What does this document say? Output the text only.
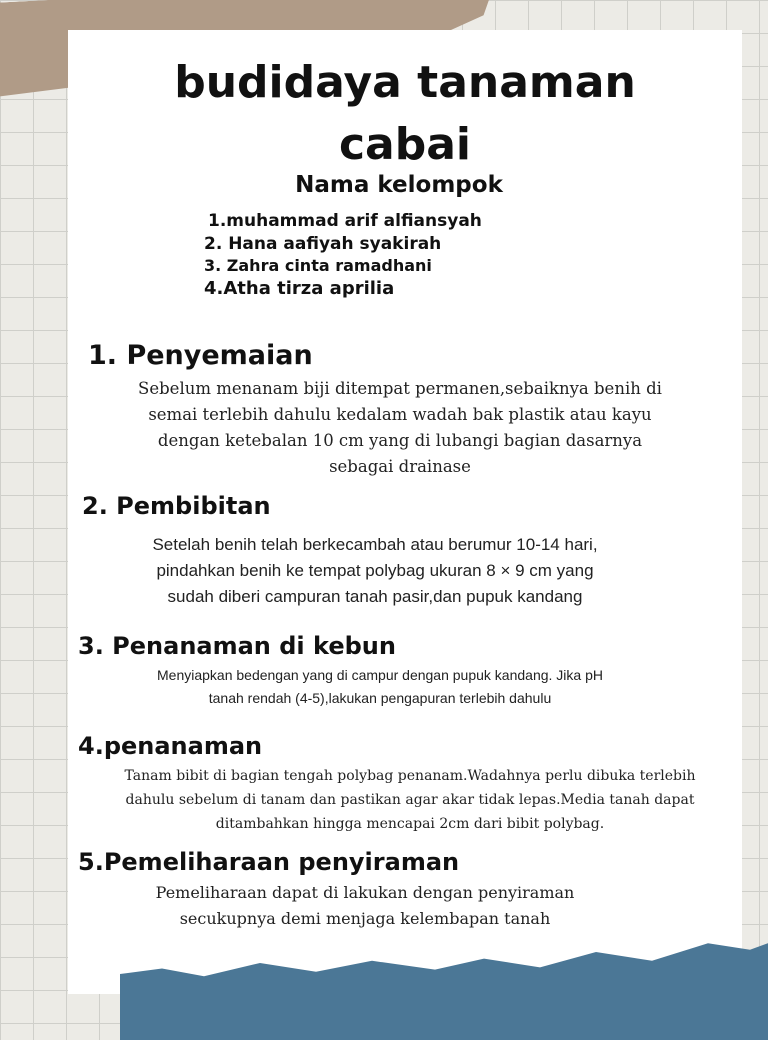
budidaya tanaman
cabai
Nama kelompok
1.muhammad arif alfiansyah
2. Hana aafiyah syakirah
3. Zahra cinta ramadhani
4.Atha tirza aprilia
1. Penyemaian
Sebelum menanam biji ditempat permanen,sebaiknya benih di
semai terlebih dahulu kedalam wadah bak plastik atau kayu
dengan ketebalan 10 cm yang di lubangi bagian dasarnya
sebagai drainase
2. Pembibitan
Setelah benih telah berkecambah atau berumur 10-14 hari,
pindahkan benih ke tempat polybag ukuran 8 × 9 cm yang
sudah diberi campuran tanah pasir,dan pupuk kandang
3. Penanaman di kebun
Menyiapkan bedengan yang di campur dengan pupuk kandang. Jika pH
tanah rendah (4-5),lakukan pengapuran terlebih dahulu
4.penanaman
Tanam bibit di bagian tengah polybag penanam.Wadahnya perlu dibuka terlebih
dahulu sebelum di tanam dan pastikan agar akar tidak lepas.Media tanah dapat
ditambahkan hingga mencapai 2cm dari bibit polybag.
5.Pemeliharaan penyiraman
Pemeliharaan dapat di lakukan dengan penyiraman
secukupnya demi menjaga kelembapan tanah
